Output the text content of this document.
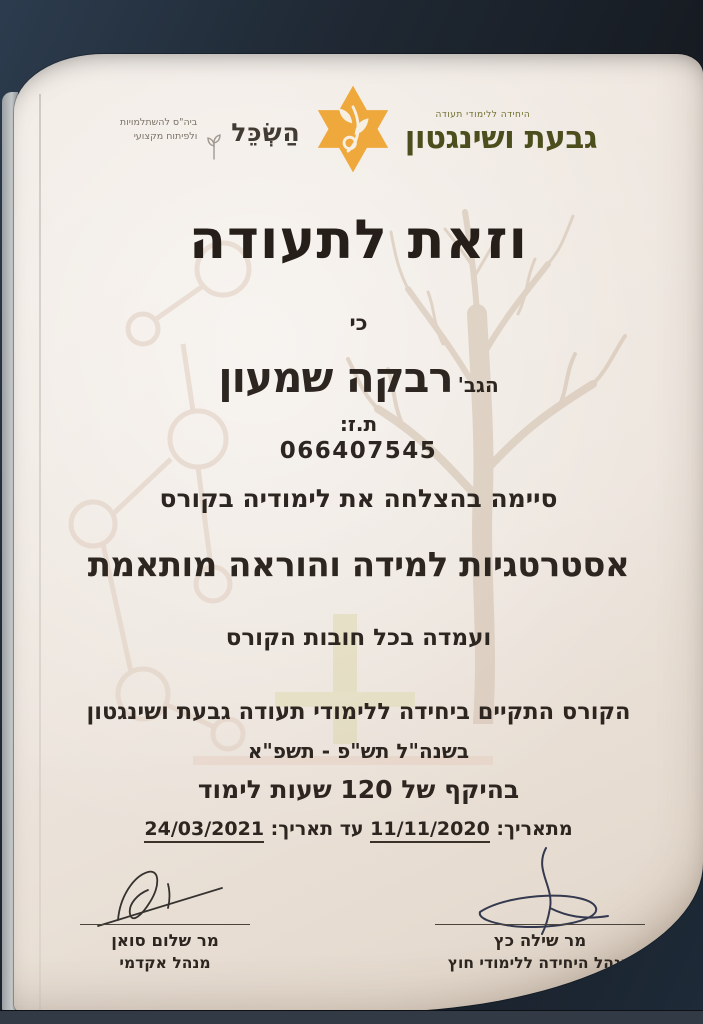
היחידה ללימודי תעודה
גבעת ושינגטון
הַשְׂכֵּל
ביה"ס להשתלמויות
ולפיתוח מקצועי
וזאת לתעודה
כי
הגב' רבקה שמעון
ת.ז:
066407545
סיימה בהצלחה את לימודיה בקורס
אסטרטגיות למידה והוראה מותאמת
ועמדה בכל חובות הקורס
הקורס התקיים ביחידה ללימודי תעודה גבעת ושינגטון
בשנה"ל תש"פ - תשפ"א
בהיקף של 120 שעות לימוד
מתאריך: 11/11/2020 עד תאריך: 24/03/2021
מר שילה כץ
מנהל היחידה ללימודי חוץ
מר שלום סואן
מנהל אקדמי
